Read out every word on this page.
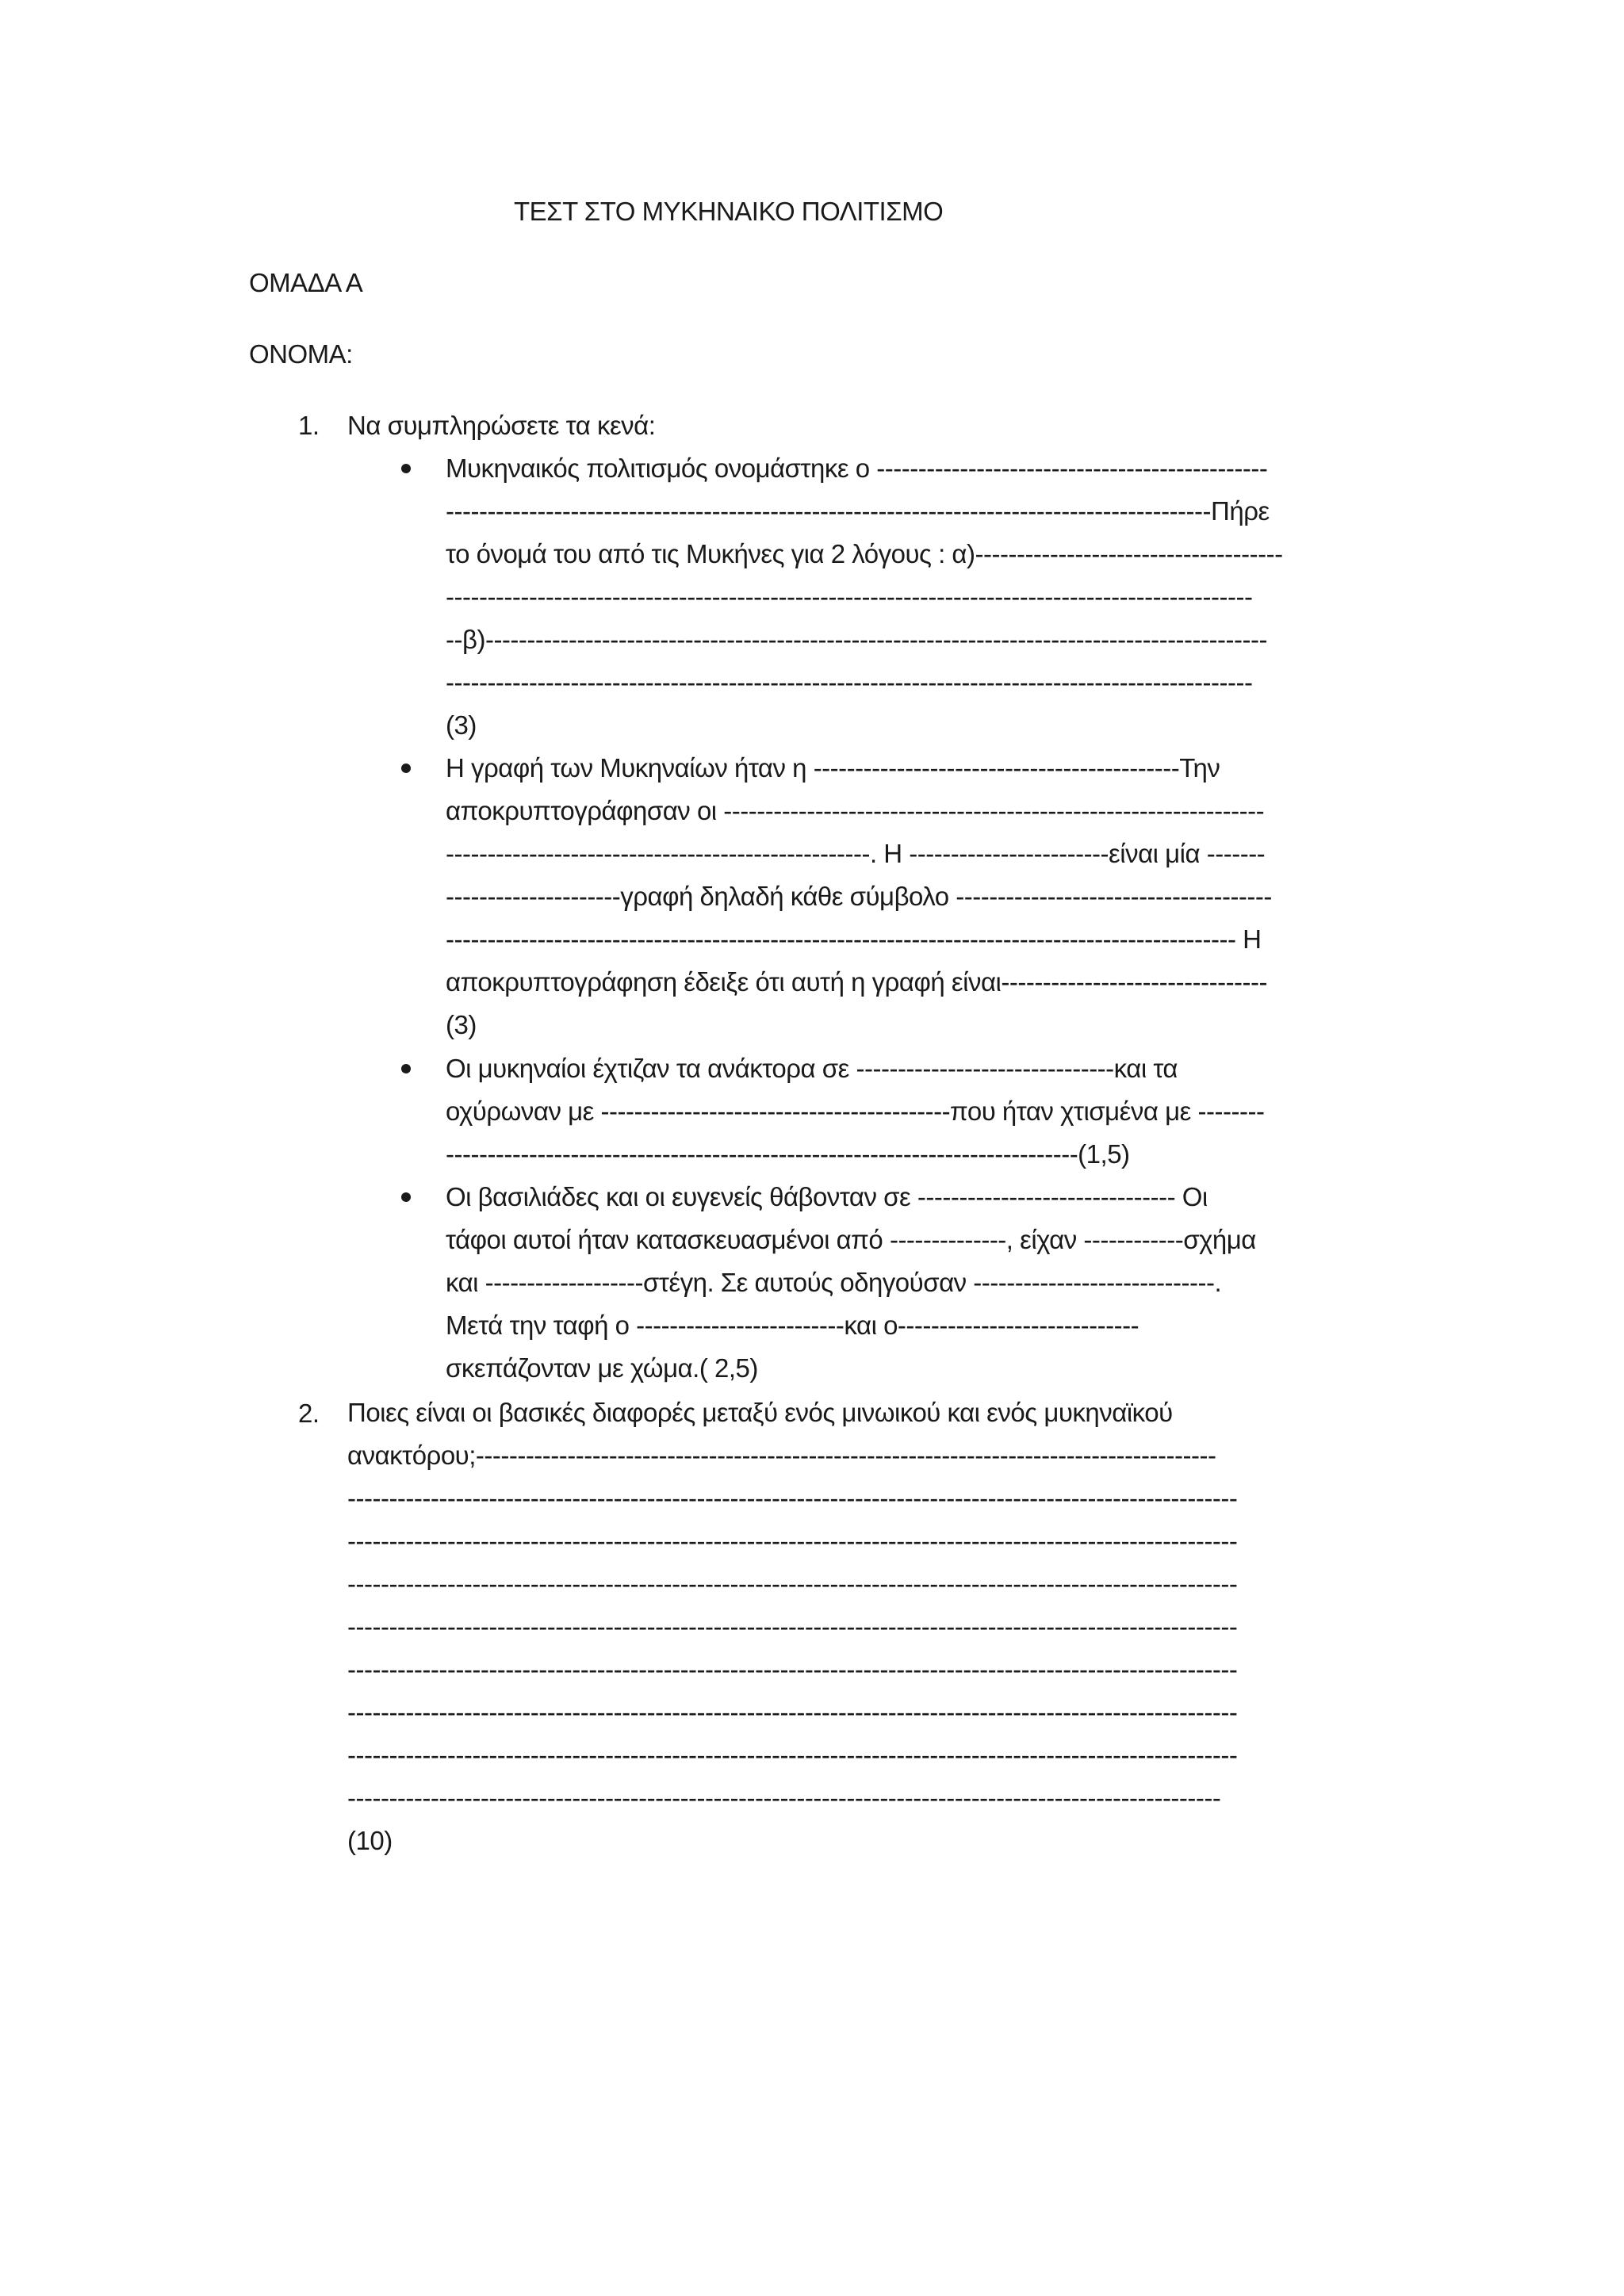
ΤΕΣΤ ΣΤΟ ΜΥΚΗΝΑΙΚΟ ΠΟΛΙΤΙΣΜΟ
ΟΜΑΔΑ Α
ΟΝΟΜΑ:
1. Να συμπληρώσετε τα κενά:
Μυκηναικός πολιτισμός ονομάστηκε ο -----------------------------------------------
--------------------------------------------------------------------------------------------Πήρε
το όνομά του από τις Μυκήνες για 2 λόγους : α)-------------------------------------
-------------------------------------------------------------------------------------------------
--β)----------------------------------------------------------------------------------------------
-------------------------------------------------------------------------------------------------
(3)
Η γραφή των Μυκηναίων ήταν η --------------------------------------------Την
αποκρυπτογράφησαν οι -----------------------------------------------------------------
---------------------------------------------------. Η ------------------------είναι μία -------
---------------------γραφή δηλαδή κάθε σύμβολο --------------------------------------
----------------------------------------------------------------------------------------------- Η
αποκρυπτογράφηση έδειξε ότι αυτή η γραφή είναι--------------------------------
(3)
Οι μυκηναίοι έχτιζαν τα ανάκτορα σε -------------------------------και τα
οχύρωναν με ------------------------------------------που ήταν χτισμένα με --------
----------------------------------------------------------------------------(1,5)
Οι βασιλιάδες και οι ευγενείς θάβονταν σε ------------------------------- Οι
τάφοι αυτοί ήταν κατασκευασμένοι από --------------, είχαν ------------σχήμα
και -------------------στέγη. Σε αυτούς οδηγούσαν -----------------------------.
Μετά την ταφή ο -------------------------και ο-----------------------------
σκεπάζονταν με χώμα.( 2,5)
2. Ποιες είναι οι βασικές διαφορές μεταξύ ενός μινωικού και ενός μυκηναϊκού
ανακτόρου;-----------------------------------------------------------------------------------------
-----------------------------------------------------------------------------------------------------------
-----------------------------------------------------------------------------------------------------------
-----------------------------------------------------------------------------------------------------------
-----------------------------------------------------------------------------------------------------------
-----------------------------------------------------------------------------------------------------------
-----------------------------------------------------------------------------------------------------------
-----------------------------------------------------------------------------------------------------------
---------------------------------------------------------------------------------------------------------
(10)
